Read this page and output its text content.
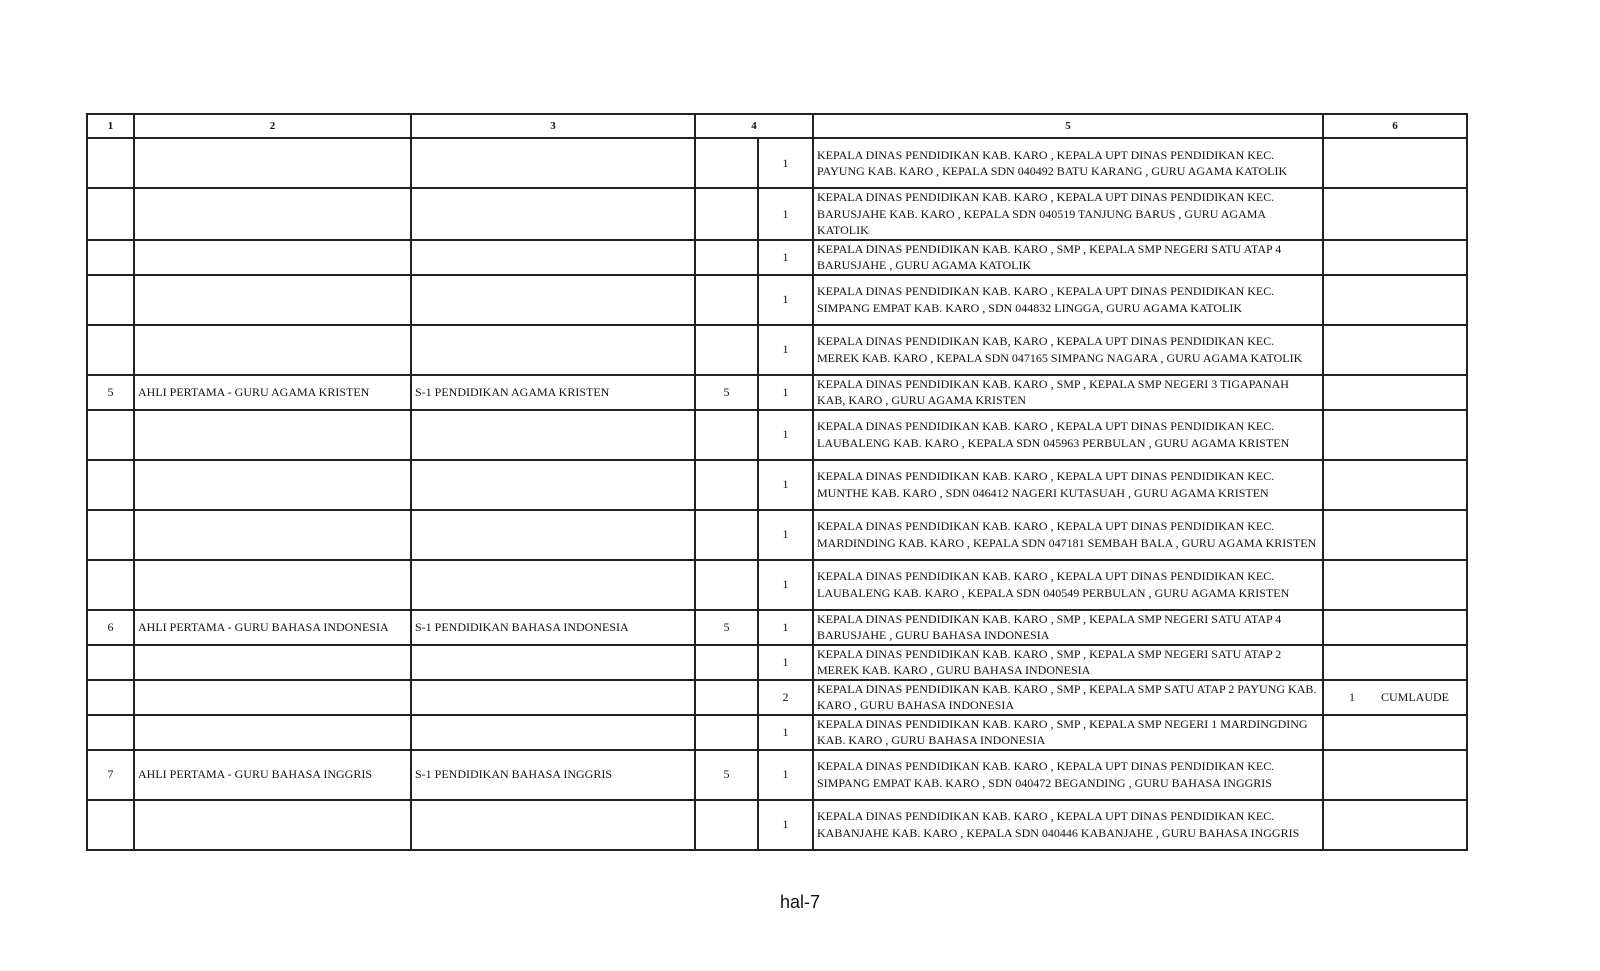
1	2	3	4		5	6
				1	KEPALA DINAS PENDIDIKAN KAB. KARO , KEPALA UPT DINAS PENDIDIKAN KEC. PAYUNG KAB. KARO , KEPALA SDN 040492 BATU KARANG , GURU AGAMA KATOLIK	

				1	KEPALA DINAS PENDIDIKAN KAB. KARO , KEPALA UPT DINAS PENDIDIKAN KEC. BARUSJAHE KAB. KARO , KEPALA SDN 040519 TANJUNG BARUS , GURU AGAMA KATOLIK	

				1	KEPALA DINAS PENDIDIKAN KAB. KARO , SMP , KEPALA SMP NEGERI SATU ATAP 4 BARUSJAHE , GURU AGAMA KATOLIK	

				1	KEPALA DINAS PENDIDIKAN KAB. KARO , KEPALA UPT DINAS PENDIDIKAN KEC. SIMPANG EMPAT KAB. KARO , SDN 044832 LINGGA, GURU AGAMA KATOLIK	

				1	KEPALA DINAS PENDIDIKAN KAB, KARO , KEPALA UPT DINAS PENDIDIKAN KEC. MEREK KAB. KARO , KEPALA SDN 047165 SIMPANG NAGARA , GURU AGAMA KATOLIK	

5	AHLI PERTAMA - GURU AGAMA KRISTEN	S-1 PENDIDIKAN AGAMA KRISTEN	5	1	KEPALA DINAS PENDIDIKAN KAB. KARO , SMP , KEPALA SMP NEGERI 3 TIGAPANAH KAB, KARO , GURU AGAMA KRISTEN	

				1	KEPALA DINAS PENDIDIKAN KAB. KARO , KEPALA UPT DINAS PENDIDIKAN KEC. LAUBALENG KAB. KARO , KEPALA SDN 045963 PERBULAN , GURU AGAMA KRISTEN	

				1	KEPALA DINAS PENDIDIKAN KAB. KARO , KEPALA UPT DINAS PENDIDIKAN KEC. MUNTHE KAB. KARO , SDN 046412 NAGERI KUTASUAH , GURU AGAMA KRISTEN	

				1	KEPALA DINAS PENDIDIKAN KAB. KARO , KEPALA UPT DINAS PENDIDIKAN KEC. MARDINDING KAB. KARO , KEPALA SDN 047181 SEMBAH BALA , GURU AGAMA KRISTEN	

				1	KEPALA DINAS PENDIDIKAN KAB. KARO , KEPALA UPT DINAS PENDIDIKAN KEC. LAUBALENG KAB. KARO , KEPALA SDN 040549 PERBULAN , GURU AGAMA KRISTEN	

6	AHLI PERTAMA - GURU BAHASA INDONESIA	S-1 PENDIDIKAN BAHASA INDONESIA	5	1	KEPALA DINAS PENDIDIKAN KAB. KARO , SMP , KEPALA SMP NEGERI SATU ATAP 4 BARUSJAHE , GURU BAHASA INDONESIA	

				1	KEPALA DINAS PENDIDIKAN KAB. KARO , SMP , KEPALA SMP NEGERI SATU ATAP 2 MEREK KAB. KARO , GURU BAHASA INDONESIA	

				2	KEPALA DINAS PENDIDIKAN KAB. KARO , SMP , KEPALA SMP SATU ATAP 2 PAYUNG KAB. KARO , GURU BAHASA INDONESIA	1 CUMLAUDE

				1	KEPALA DINAS PENDIDIKAN KAB. KARO , SMP , KEPALA SMP NEGERI 1 MARDINGDING KAB. KARO , GURU BAHASA INDONESIA	

7	AHLI PERTAMA - GURU BAHASA INGGRIS	S-1 PENDIDIKAN BAHASA INGGRIS	5	1	KEPALA DINAS PENDIDIKAN KAB. KARO , KEPALA UPT DINAS PENDIDIKAN KEC. SIMPANG EMPAT KAB. KARO , SDN 040472 BEGANDING , GURU BAHASA INGGRIS	

				1	KEPALA DINAS PENDIDIKAN KAB. KARO , KEPALA UPT DINAS PENDIDIKAN KEC. KABANJAHE KAB. KARO , KEPALA SDN 040446 KABANJAHE , GURU BAHASA INGGRIS	
hal-7
